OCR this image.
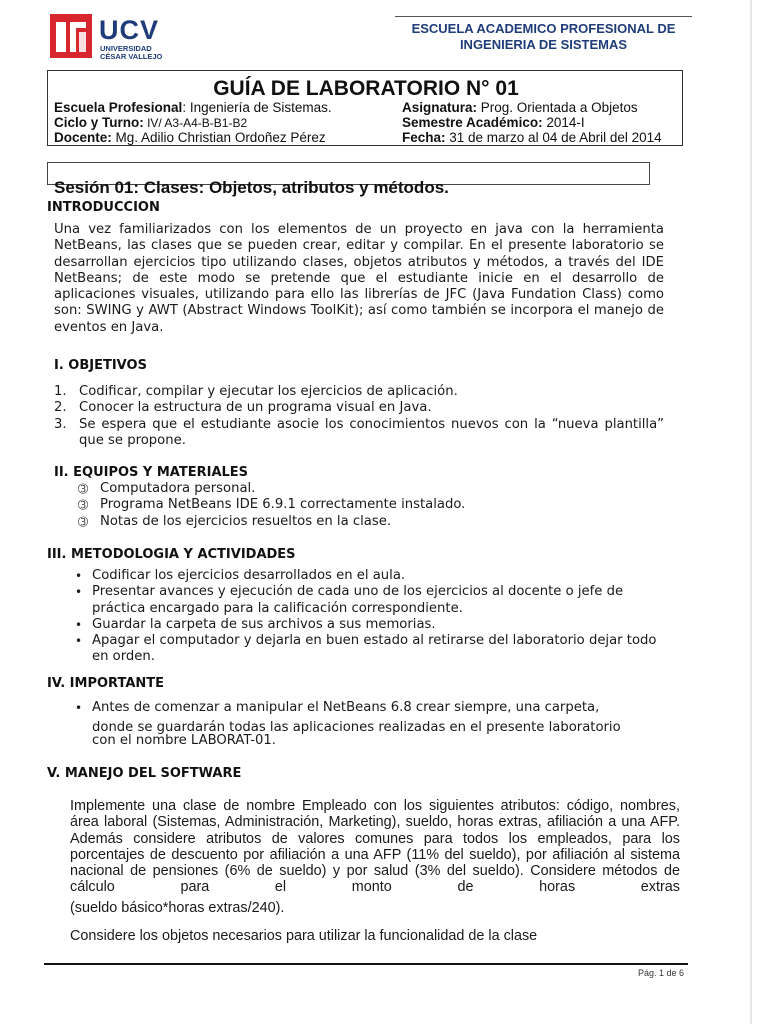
UCV
UNIVERSIDAD
CÉSAR VALLEJO
ESCUELA ACADEMICO PROFESIONAL DE
INGENIERIA DE SISTEMAS
GUÍA DE LABORATORIO N° 01
Escuela Profesional: Ingeniería de Sistemas.
Ciclo y Turno: IV/ A3-A4-B-B1-B2
Docente: Mg. Adilio Christian Ordoñez Pérez
Asignatura: Prog. Orientada a Objetos
Semestre Académico: 2014-I
Fecha: 31 de marzo al 04 de Abril del 2014
Sesión 01: Clases: Objetos, atributos y métodos.
INTRODUCCION
Una vez familiarizados con los elementos de un proyecto en java con la herramienta NetBeans, las clases que se pueden crear, editar y compilar. En el presente laboratorio se desarrollan ejercicios tipo utilizando clases, objetos atributos y métodos, a través del IDE NetBeans; de este modo se pretende que el estudiante inicie en el desarrollo de aplicaciones visuales, utilizando para ello las librerías de JFC (Java Fundation Class) como son: SWING y AWT (Abstract Windows ToolKit); así como también se incorpora el manejo de eventos en Java.
I. OBJETIVOS
1. Codificar, compilar y ejecutar los ejercicios de aplicación.
2. Conocer la estructura de un programa visual en Java.
3. Se espera que el estudiante asocie los conocimientos nuevos con la “nueva plantilla” que se propone.
II. EQUIPOS Y MATERIALES
➂ Computadora personal.
➂ Programa NetBeans IDE 6.9.1 correctamente instalado.
➂ Notas de los ejercicios resueltos en la clase.
III. METODOLOGIA Y ACTIVIDADES
• Codificar los ejercicios desarrollados en el aula.
• Presentar avances y ejecución de cada uno de los ejercicios al docente o jefe de práctica encargado para la calificación correspondiente.
• Guardar la carpeta de sus archivos a sus memorias.
• Apagar el computador y dejarla en buen estado al retirarse del laboratorio dejar todo en orden.
IV. IMPORTANTE
• Antes de comenzar a manipular el NetBeans 6.8 crear siempre, una carpeta,
donde se guardarán todas las aplicaciones realizadas en el presente laboratorio
con el nombre LABORAT-01.
V. MANEJO DEL SOFTWARE
Implemente una clase de nombre Empleado con los siguientes atributos: código, nombres, área laboral (Sistemas, Administración, Marketing), sueldo, horas extras, afiliación a una AFP. Además considere atributos de valores comunes para todos los empleados, para los porcentajes de descuento por afiliación a una AFP (11% del sueldo), por afiliación al sistema nacional de pensiones (6% de sueldo) y por salud (3% del sueldo). Considere métodos de cálculo para el monto de horas extras
(sueldo básico*horas extras/240).
Considere los objetos necesarios para utilizar la funcionalidad de la clase
Pág. 1 de 6
